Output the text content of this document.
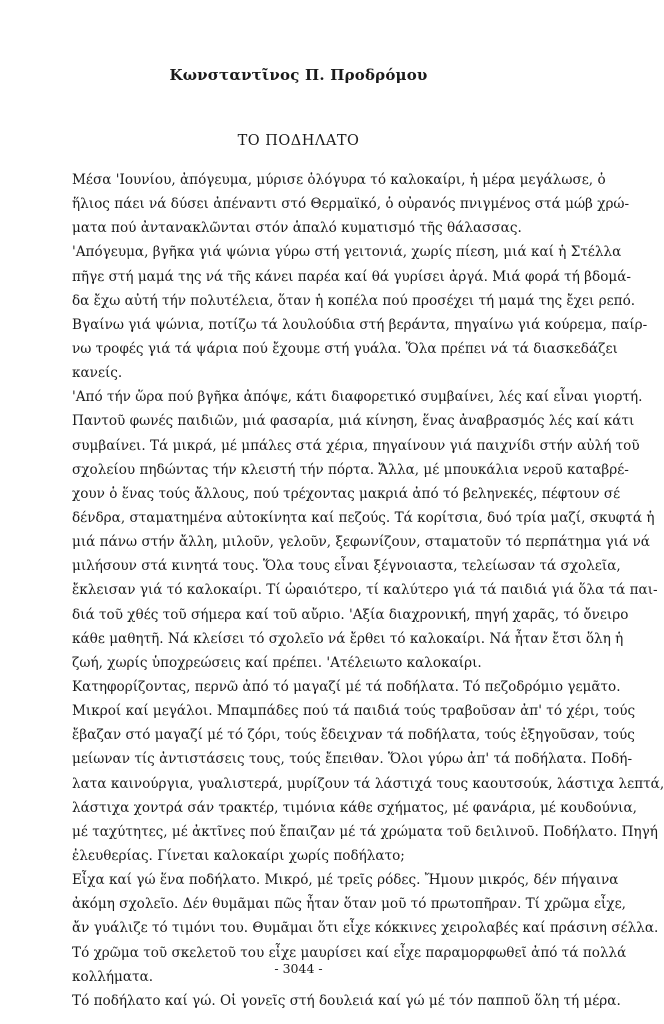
Κωνσταντῖνος Π. Προδρόμου
ΤΟ ΠΟΔΗΛΑΤΟ
Μέσα 'Ιουνίου, ἀπόγευμα, μύρισε ὁλόγυρα τό καλοκαίρι, ἡ μέρα μεγάλωσε, ὁ
ἥλιος πάει νά δύσει ἀπέναντι στό Θερμαϊκό, ὁ οὐρανός πνιγμένος στά μώβ χρώ-
ματα πού ἀντανακλῶνται στόν ἁπαλό κυματισμό τῆς θάλασσας.
'Απόγευμα, βγῆκα γιά ψώνια γύρω στή γειτονιά, χωρίς πίεση, μιά καί ἡ Στέλλα
πῆγε στή μαμά της νά τῆς κάνει παρέα καί θά γυρίσει ἀργά. Μιά φορά τή βδομά-
δα ἔχω αὐτή τήν πολυτέλεια, ὅταν ἡ κοπέλα πού προσέχει τή μαμά της ἔχει ρεπό.
Βγαίνω γιά ψώνια, ποτίζω τά λουλούδια στή βεράντα, πηγαίνω γιά κούρεμα, παίρ-
νω τροφές γιά τά ψάρια πού ἔχουμε στή γυάλα. Ὅλα πρέπει νά τά διασκεδάζει
κανείς.
'Από τήν ὥρα πού βγῆκα ἀπόψε, κάτι διαφορετικό συμβαίνει, λές καί εἶναι γιορτή.
Παντοῦ φωνές παιδιῶν, μιά φασαρία, μιά κίνηση, ἕνας ἀναβρασμός λές καί κάτι
συμβαίνει. Τά μικρά, μέ μπάλες στά χέρια, πηγαίνουν γιά παιχνίδι στήν αὐλή τοῦ
σχολείου πηδώντας τήν κλειστή τήν πόρτα. Ἄλλα, μέ μπουκάλια νεροῦ καταβρέ-
χουν ὁ ἕνας τούς ἄλλους, πού τρέχοντας μακριά ἀπό τό βεληνεκές, πέφτουν σέ
δένδρα, σταματημένα αὐτοκίνητα καί πεζούς. Τά κορίτσια, δυό τρία μαζί, σκυφτά ἡ
μιά πάνω στήν ἄλλη, μιλοῦν, γελοῦν, ξεφωνίζουν, σταματοῦν τό περπάτημα γιά νά
μιλήσουν στά κινητά τους. Ὅλα τους εἶναι ξέγνοιαστα, τελείωσαν τά σχολεῖα,
ἔκλεισαν γιά τό καλοκαίρι. Τί ὡραιότερο, τί καλύτερο γιά τά παιδιά γιά ὅλα τά παι-
διά τοῦ χθές τοῦ σήμερα καί τοῦ αὔριο. 'Αξία διαχρονική, πηγή χαρᾶς, τό ὄνειρο
κάθε μαθητῆ. Νά κλείσει τό σχολεῖο νά ἔρθει τό καλοκαίρι. Νά ἦταν ἔτσι ὅλη ἡ
ζωή, χωρίς ὑποχρεώσεις καί πρέπει. 'Ατέλειωτο καλοκαίρι.
Κατηφορίζοντας, περνῶ ἀπό τό μαγαζί μέ τά ποδήλατα. Τό πεζοδρόμιο γεμᾶτο.
Μικροί καί μεγάλοι. Μπαμπάδες πού τά παιδιά τούς τραβοῦσαν ἀπ' τό χέρι, τούς
ἔβαζαν στό μαγαζί μέ τό ζόρι, τούς ἔδειχναν τά ποδήλατα, τούς ἐξηγοῦσαν, τούς
μείωναν τίς ἀντιστάσεις τους, τούς ἔπειθαν. Ὅλοι γύρω ἀπ' τά ποδήλατα. Ποδή-
λατα καινούργια, γυαλιστερά, μυρίζουν τά λάστιχά τους καουτσούκ, λάστιχα λεπτά,
λάστιχα χοντρά σάν τρακτέρ, τιμόνια κάθε σχήματος, μέ φανάρια, μέ κουδούνια,
μέ ταχύτητες, μέ ἀκτῖνες πού ἔπαιζαν μέ τά χρώματα τοῦ δειλινοῦ. Ποδήλατο. Πηγή
ἐλευθερίας. Γίνεται καλοκαίρι χωρίς ποδήλατο;
Εἶχα καί γώ ἕνα ποδήλατο. Μικρό, μέ τρεῖς ρόδες. Ἤμουν μικρός, δέν πήγαινα
ἀκόμη σχολεῖο. Δέν θυμᾶμαι πῶς ἦταν ὅταν μοῦ τό πρωτοπῆραν. Τί χρῶμα εἶχε,
ἄν γυάλιζε τό τιμόνι του. Θυμᾶμαι ὅτι εἶχε κόκκινες χειρολαβές καί πράσινη σέλλα.
Τό χρῶμα τοῦ σκελετοῦ του εἶχε μαυρίσει καί εἶχε παραμορφωθεῖ ἀπό τά πολλά
κολλήματα.
Τό ποδήλατο καί γώ. Οἱ γονεῖς στή δουλειά καί γώ μέ τόν παπποῦ ὅλη τή μέρα.
- 3044 -
